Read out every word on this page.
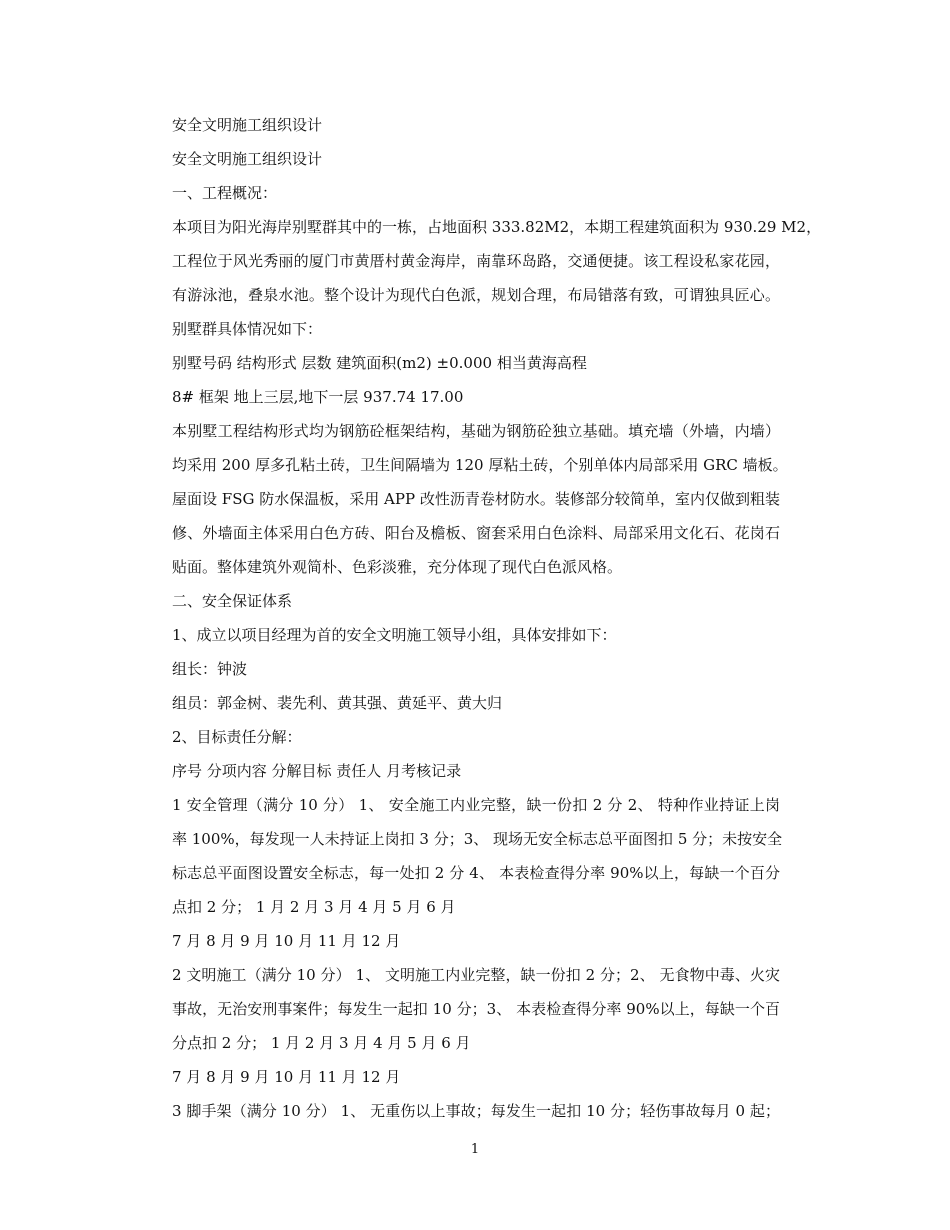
安全文明施工组织设计
安全文明施工组织设计
一、工程概况：
本项目为阳光海岸别墅群其中的一栋，占地面积 333.82M2，本期工程建筑面积为 930.29 M2，
工程位于风光秀丽的厦门市黄厝村黄金海岸，南靠环岛路，交通便捷。该工程设私家花园，
有游泳池，叠泉水池。整个设计为现代白色派，规划合理，布局错落有致，可谓独具匠心。
别墅群具体情况如下：
别墅号码 结构形式 层数 建筑面积(m2) ±0.000 相当黄海高程
8# 框架 地上三层,地下一层 937.74 17.00
本别墅工程结构形式均为钢筋砼框架结构，基础为钢筋砼独立基础。填充墙（外墙，内墙）
均采用 200 厚多孔粘土砖，卫生间隔墙为 120 厚粘土砖，个别单体内局部采用 GRC 墙板。
屋面设 FSG 防水保温板，采用 APP 改性沥青卷材防水。装修部分较简单，室内仅做到粗装
修、外墙面主体采用白色方砖、阳台及檐板、窗套采用白色涂料、局部采用文化石、花岗石
贴面。整体建筑外观简朴、色彩淡雅，充分体现了现代白色派风格。
二、安全保证体系
1、成立以项目经理为首的安全文明施工领导小组，具体安排如下：
组长：钟波
组员：郭金树、裴先利、黄其强、黄延平、黄大归
2、目标责任分解：
序号 分项内容 分解目标 责任人 月考核记录
1 安全管理（满分 10 分） 1、 安全施工内业完整，缺一份扣 2 分 2、 特种作业持证上岗
率 100%，每发现一人未持证上岗扣 3 分；3、 现场无安全标志总平面图扣 5 分；未按安全
标志总平面图设置安全标志，每一处扣 2 分 4、 本表检查得分率 90%以上，每缺一个百分
点扣 2 分； 1 月 2 月 3 月 4 月 5 月 6 月
7 月 8 月 9 月 10 月 11 月 12 月
2 文明施工（满分 10 分） 1、 文明施工内业完整，缺一份扣 2 分；2、 无食物中毒、火灾
事故，无治安刑事案件；每发生一起扣 10 分；3、 本表检查得分率 90%以上，每缺一个百
分点扣 2 分； 1 月 2 月 3 月 4 月 5 月 6 月
7 月 8 月 9 月 10 月 11 月 12 月
3 脚手架（满分 10 分） 1、 无重伤以上事故；每发生一起扣 10 分；轻伤事故每月 0 起；
1
